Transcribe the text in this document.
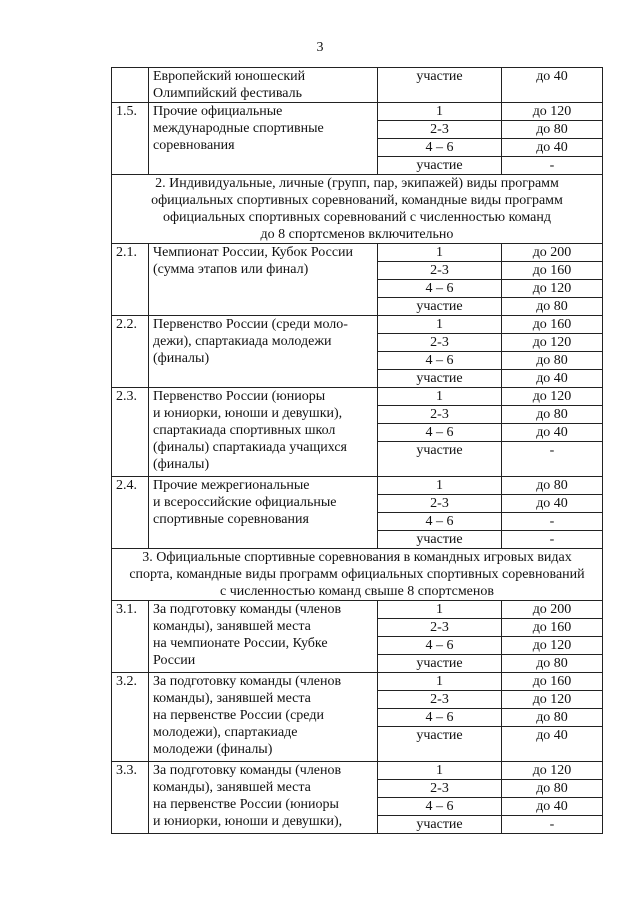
3

	Европейский юношеский
Олимпийский фестиваль	участие	до 40
1.5.	Прочие официальные
международные спортивные
соревнования	1	до 120
		2-3	до 80
		4 – 6	до 40
		участие	-

2. Индивидуальные, личные (групп, пар, экипажей) виды программ
официальных спортивных соревнований, командные виды программ
официальных спортивных соревнований с численностью команд
до 8 спортсменов включительно			

2.1.	Чемпионат России, Кубок России
(сумма этапов или финал)	1	до 200
		2-3	до 160
		4 – 6	до 120
		участие	до 80
2.2.	Первенство России (среди моло-
дежи), спартакиада молодежи
(финалы)	1	до 160
		2-3	до 120
		4 – 6	до 80
		участие	до 40
2.3.	Первенство России (юниоры
и юниорки, юноши и девушки),
спартакиада спортивных школ
(финалы) спартакиада учащихся
(финалы)	1	до 120
		2-3	до 80
		4 – 6	до 40
		участие	-
2.4.	Прочие межрегиональные
и всероссийские официальные
спортивные соревнования	1	до 80
		2-3	до 40
		4 – 6	-
		участие	-

3. Официальные спортивные соревнования в командных игровых видах
спорта, командные виды программ официальных спортивных соревнований
с численностью команд свыше 8 спортсменов			

3.1.	За подготовку команды (членов
команды), занявшей места
на чемпионате России, Кубке
России	1	до 200
		2-3	до 160
		4 – 6	до 120
		участие	до 80
3.2.	За подготовку команды (членов
команды), занявшей места
на первенстве России (среди
молодежи), спартакиаде
молодежи (финалы)	1	до 160
		2-3	до 120
		4 – 6	до 80
		участие	до 40
3.3.	За подготовку команды (членов
команды), занявшей места
на первенстве России (юниоры
и юниорки, юноши и девушки),	1	до 120
		2-3	до 80
		4 – 6	до 40
		участие	-
